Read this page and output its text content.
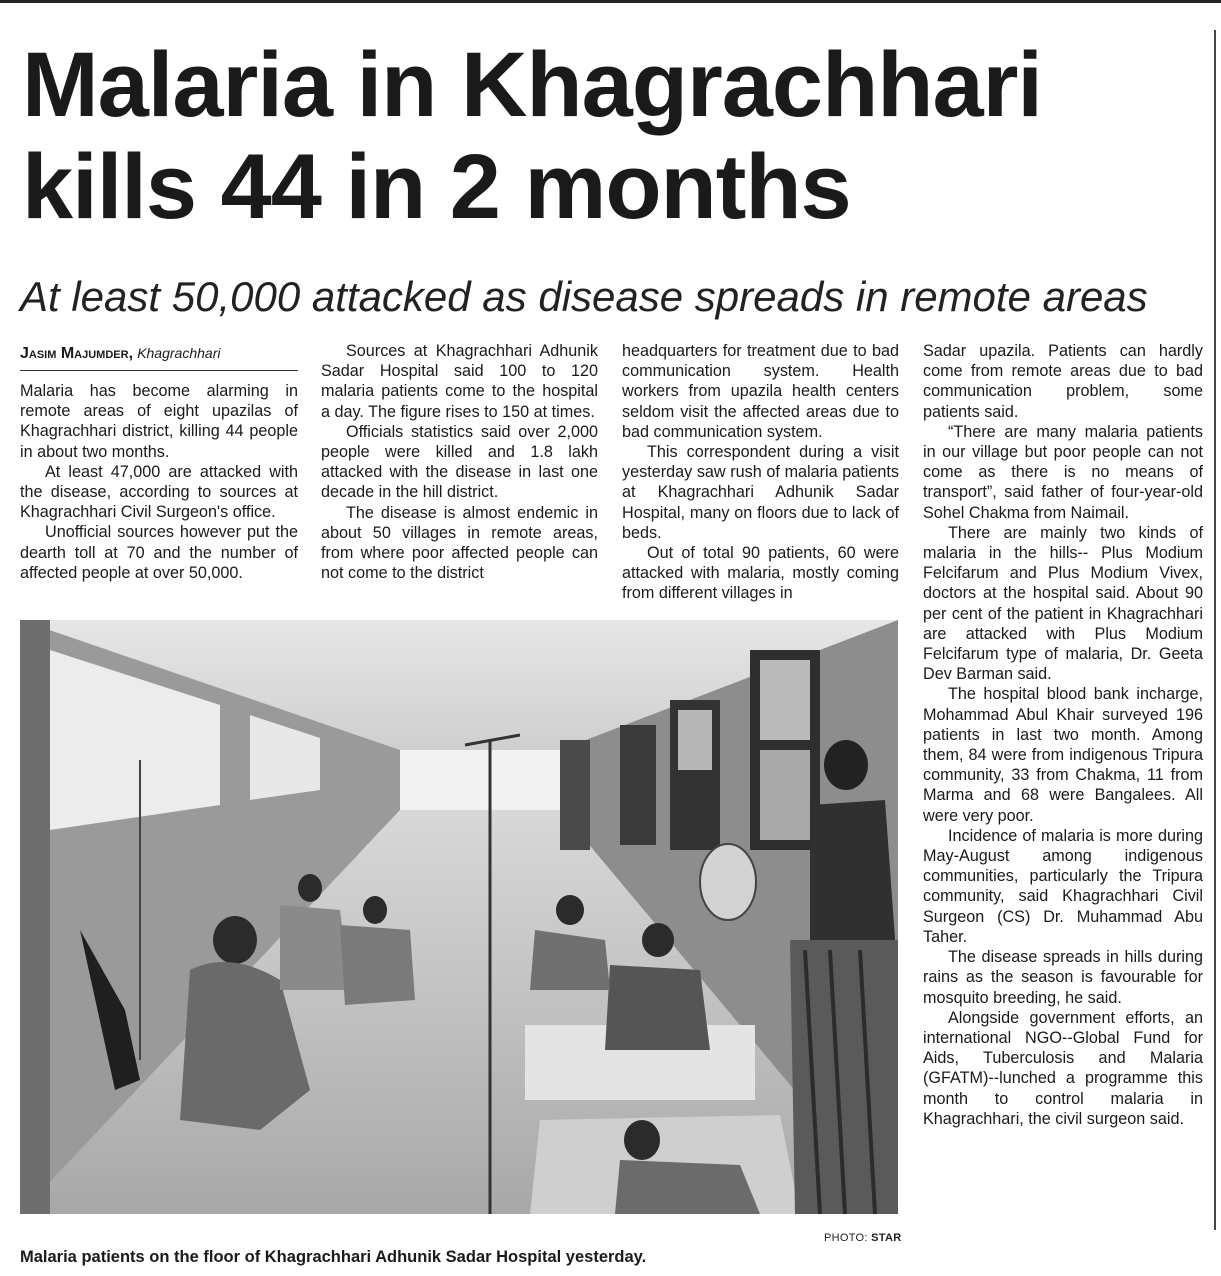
Malaria in Khagrachhari
kills 44 in 2 months
At least 50,000 attacked as disease spreads in remote areas
Jasim Majumder, Khagrachhari

Malaria has become alarming in remote areas of eight upazilas of Khagrachhari district, killing 44 people in about two months.

At least 47,000 are attacked with the disease, according to sources at Khagrachhari Civil Surgeon's office.

Unofficial sources however put the dearth toll at 70 and the number of affected people at over 50,000.

Sources at Khagrachhari Adhunik Sadar Hospital said 100 to 120 malaria patients come to the hospital a day. The figure rises to 150 at times.

Officials statistics said over 2,000 people were killed and 1.8 lakh attacked with the disease in last one decade in the hill district.

The disease is almost endemic in about 50 villages in remote areas, from where poor affected people can not come to the district

headquarters for treatment due to bad communication system. Health workers from upazila health centers seldom visit the affected areas due to bad communication system.

This correspondent during a visit yesterday saw rush of malaria patients at Khagrachhari Adhunik Sadar Hospital, many on floors due to lack of beds.

Out of total 90 patients, 60 were attacked with malaria, mostly coming from different villages in

Sadar upazila. Patients can hardly come from remote areas due to bad communication problem, some patients said.

“There are many malaria patients in our village but poor people can not come as there is no means of transport”, said father of four-year-old Sohel Chakma from Naimail.

There are mainly two kinds of malaria in the hills-- Plus Modium Felcifarum and Plus Modium Vivex, doctors at the hospital said. About 90 per cent of the patient in Khagrachhari are attacked with Plus Modium Felcifarum type of malaria, Dr. Geeta Dev Barman said.

The hospital blood bank incharge, Mohammad Abul Khair surveyed 196 patients in last two month. Among them, 84 were from indigenous Tripura community, 33 from Chakma, 11 from Marma and 68 were Bangalees. All were very poor.

Incidence of malaria is more during May-August among indigenous communities, particularly the Tripura community, said Khagrachhari Civil Surgeon (CS) Dr. Muhammad Abu Taher.

The disease spreads in hills during rains as the season is favourable for mosquito breeding, he said.

Alongside government efforts, an international NGO--Global Fund for Aids, Tuberculosis and Malaria (GFATM)--lunched a programme this month to control malaria in Khagrachhari, the civil surgeon said.

PHOTO: STAR
Malaria patients on the floor of Khagrachhari Adhunik Sadar Hospital yesterday.
